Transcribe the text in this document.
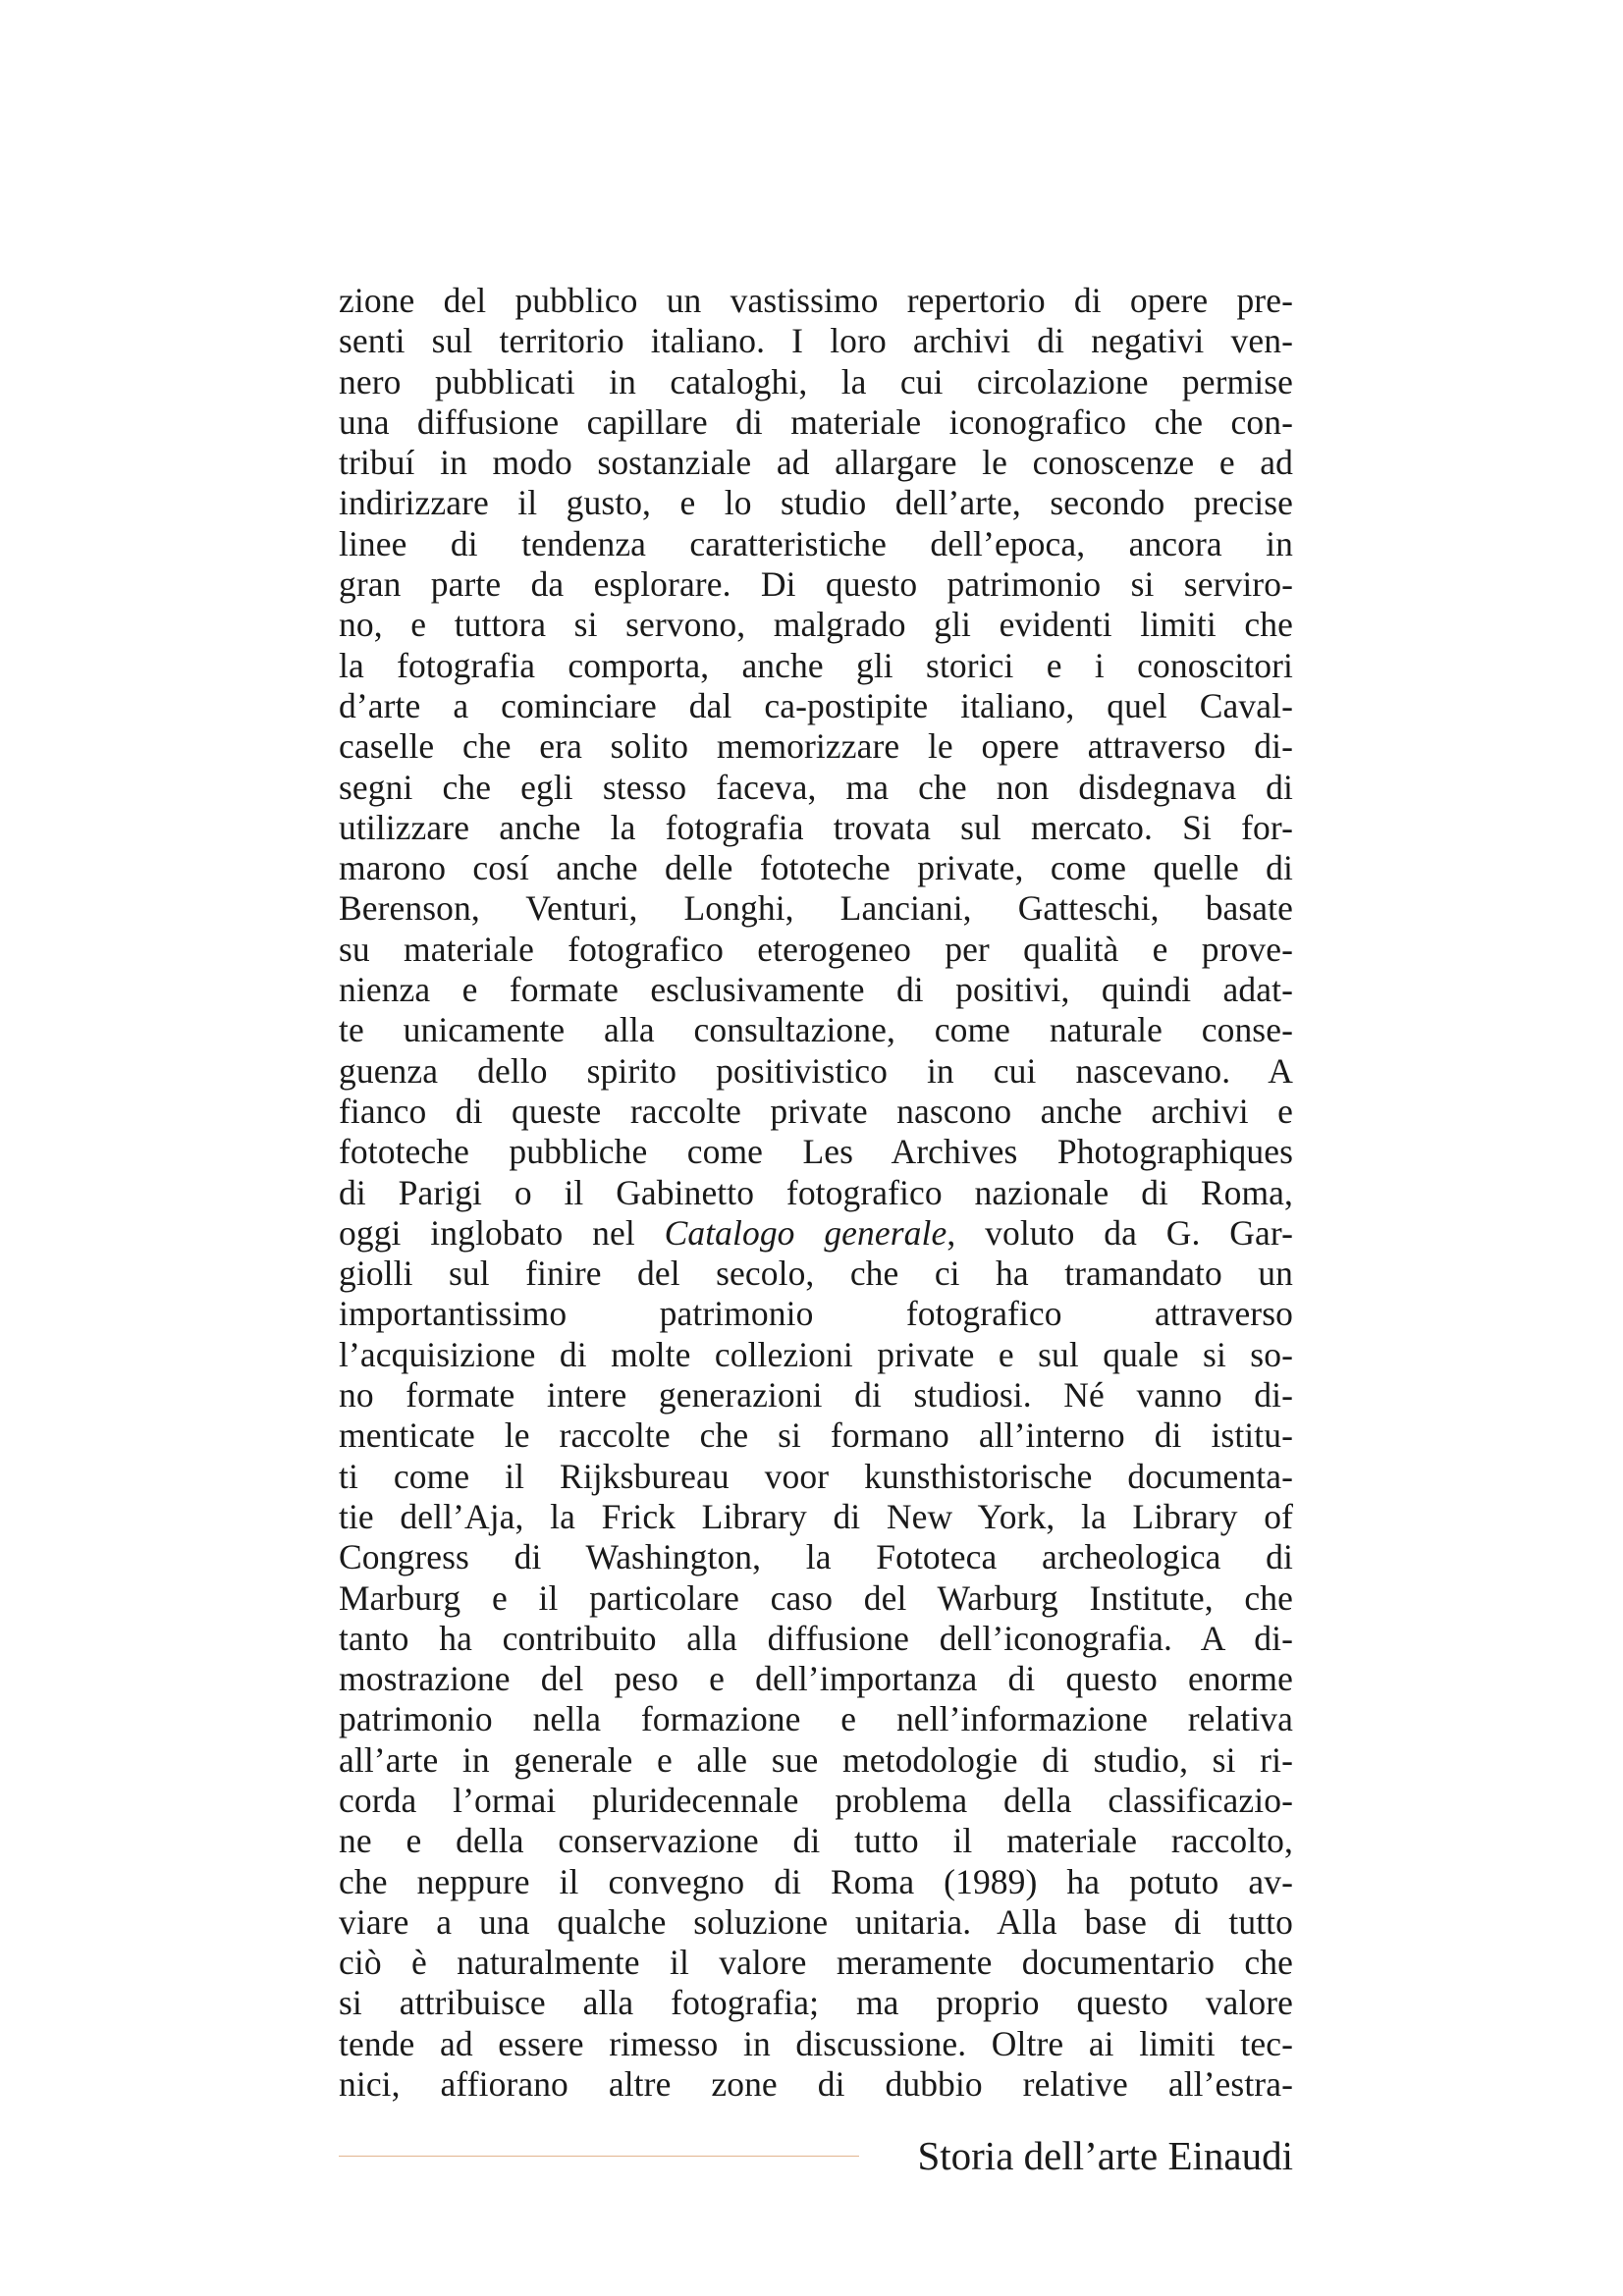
zione del pubblico un vastissimo repertorio di opere pre-
senti sul territorio italiano. I loro archivi di negativi ven-
nero pubblicati in cataloghi, la cui circolazione permise
una diffusione capillare di materiale iconografico che con-
tribuí in modo sostanziale ad allargare le conoscenze e ad
indirizzare il gusto, e lo studio dell’arte, secondo precise
linee di tendenza caratteristiche dell’epoca, ancora in
gran parte da esplorare. Di questo patrimonio si serviro-
no, e tuttora si servono, malgrado gli evidenti limiti che
la fotografia comporta, anche gli storici e i conoscitori
d’arte a cominciare dal ca-postipite italiano, quel Caval-
caselle che era solito memorizzare le opere attraverso di-
segni che egli stesso faceva, ma che non disdegnava di
utilizzare anche la fotografia trovata sul mercato. Si for-
marono cosí anche delle fototeche private, come quelle di
Berenson, Venturi, Longhi, Lanciani, Gatteschi, basate
su materiale fotografico eterogeneo per qualità e prove-
nienza e formate esclusivamente di positivi, quindi adat-
te unicamente alla consultazione, come naturale conse-
guenza dello spirito positivistico in cui nascevano. A
fianco di queste raccolte private nascono anche archivi e
fototeche pubbliche come Les Archives Photographiques
di Parigi o il Gabinetto fotografico nazionale di Roma,
oggi inglobato nel Catalogo generale, voluto da G. Gar-
giolli sul finire del secolo, che ci ha tramandato un
importantissimo patrimonio fotografico attraverso
l’acquisizione di molte collezioni private e sul quale si so-
no formate intere generazioni di studiosi. Né vanno di-
menticate le raccolte che si formano all’interno di istitu-
ti come il Rijksbureau voor kunsthistorische documenta-
tie dell’Aja, la Frick Library di New York, la Library of
Congress di Washington, la Fototeca archeologica di
Marburg e il particolare caso del Warburg Institute, che
tanto ha contribuito alla diffusione dell’iconografia. A di-
mostrazione del peso e dell’importanza di questo enorme
patrimonio nella formazione e nell’informazione relativa
all’arte in generale e alle sue metodologie di studio, si ri-
corda l’ormai pluridecennale problema della classificazio-
ne e della conservazione di tutto il materiale raccolto,
che neppure il convegno di Roma (1989) ha potuto av-
viare a una qualche soluzione unitaria. Alla base di tutto
ciò è naturalmente il valore meramente documentario che
si attribuisce alla fotografia; ma proprio questo valore
tende ad essere rimesso in discussione. Oltre ai limiti tec-
nici, affiorano altre zone di dubbio relative all’estra-
Storia dell’arte Einaudi
